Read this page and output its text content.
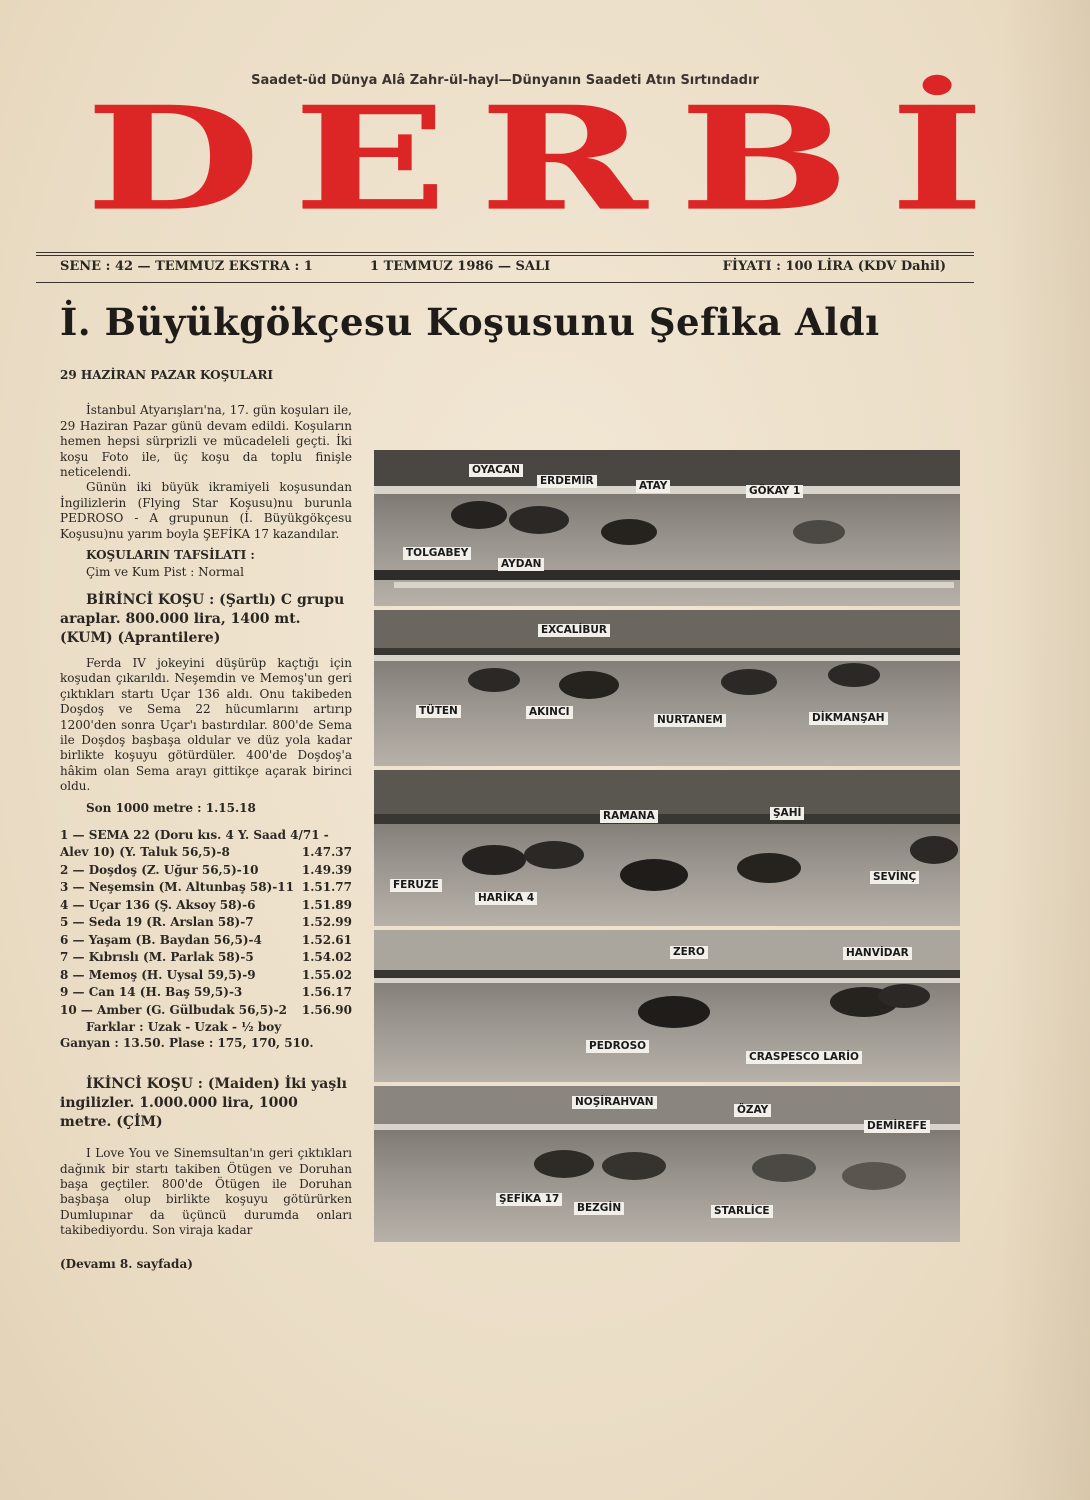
Saadet-üd Dünya Alâ Zahr-ül-hayl—Dünyanın Saadeti Atın Sırtındadır
D E R B İ
SENE : 42 — TEMMUZ EKSTRA : 1	1 TEMMUZ 1986 — SALI	FİYATI : 100 LİRA (KDV Dahil)
İ. Büyükgökçesu Koşusunu Şefika Aldı

29 HAZİRAN PAZAR KOŞULARI

İstanbul Atyarışları'na, 17. gün koşuları ile, 29 Haziran Pazar günü devam edildi. Koşuların hemen hepsi sürprizli ve mücadeleli geçti. İki koşu Foto ile, üç koşu da toplu finişle neticelendi.

Günün iki büyük ikramiyeli koşusundan İngilizlerin (Flying Star Koşusu)nu burunla PEDROSO - A grupunun (İ. Büyükgökçesu Koşusu)nu yarım boyla ŞEFİKA 17 kazandılar.

KOŞULARIN TAFSİLATI :

Çim ve Kum Pist : Normal

BİRİNCİ KOŞU : (Şartlı) C grupu araplar. 800.000 lira, 1400 mt. (KUM) (Aprantilere)

Ferda IV jokeyini düşürüp kaçtığı için koşudan çıkarıldı. Neşemdin ve Memoş'un geri çıktıkları startı Uçar 136 aldı. Onu takibeden Doşdoş ve Sema 22 hücumlarını artırıp 1200'den sonra Uçar'ı bastırdılar. 800'de Sema ile Doşdoş başbaşa oldular ve düz yola kadar birlikte koşuyu götürdüler. 400'de Doşdoş'a hâkim olan Sema arayı gittikçe açarak birinci oldu.

Son 1000 metre : 1.15.18

1 — SEMA 22 (Doru kıs. 4 Y. Saad 4/71 -
Alev 10) (Y. Taluk 56,5)-8	1.47.37
2 — Doşdoş (Z. Uğur 56,5)-10	1.49.39
3 — Neşemsin (M. Altunbaş 58)-11 1.51.77
4 — Uçar 136 (Ş. Aksoy 58)-6	1.51.89
5 — Seda 19 (R. Arslan 58)-7	1.52.99
6 — Yaşam (B. Baydan 56,5)-4	1.52.61
7 — Kıbrıslı (M. Parlak 58)-5	1.54.02
8 — Memoş (H. Uysal 59,5)-9	1.55.02
9 — Can 14 (H. Baş 59,5)-3	1.56.17
10 — Amber (G. Gülbudak 56,5)-2 1.56.90

Farklar : Uzak - Uzak - ½ boy

Ganyan : 13.50. Plase : 175, 170, 510.

İKİNCİ KOŞU : (Maiden) İki yaşlı ingilizler. 1.000.000 lira, 1000 metre. (ÇİM)

I Love You ve Sinemsultan'ın geri çıktıkları dağınık bir startı takiben Ötügen ve Doruhan başa geçtiler. 800'de Ötügen ile Doruhan başbaşa olup birlikte koşuyu götürürken Dumlupınar da üçüncü durumda onları takibediyordu. Son viraja kadar

(Devamı 8. sayfada)

OYACAN
ERDEMİR	ATAY	GÖKAY 1
TOLGABEY
AYDAN
EXCALİBUR
TÜTEN	AKINCI
NURTANEM	DİKMANŞAH
RAMANA	ŞAHİ
FERUZE
HARİKA 4
SEVİNÇ
ZERO	HANVİDAR
PEDROSO
CRASPESCO LARİO
NOŞİRAHVAN
ÖZAY
DEMİREFE
ŞEFİKA 17
BEZGİN	STARLİCE
